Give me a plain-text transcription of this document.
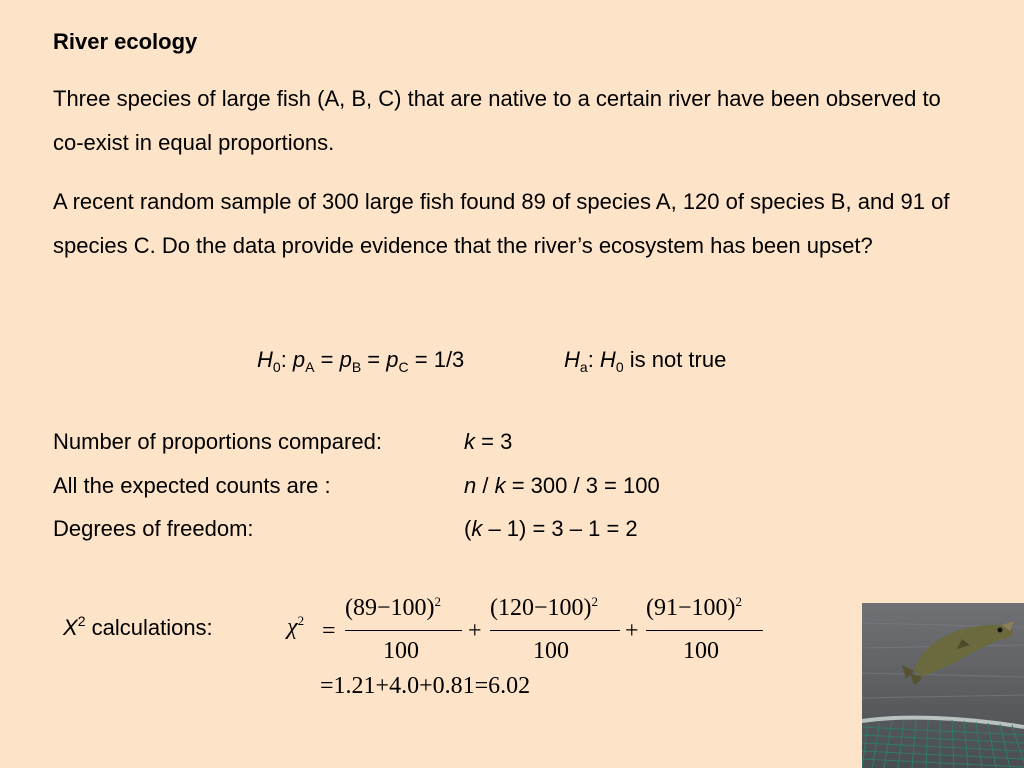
River ecology
Three species of large fish (A, B, C) that are native to a certain river have been observed to co-exist in equal proportions.
A recent random sample of 300 large fish found 89 of species A, 120 of species B, and 91 of species C. Do the data provide evidence that the river’s ecosystem has been upset?
$H_0$: $p_A = p_B = p_C = 1/3$	$H_a$: $H_0$ is not true
Number of proportions compared:	k = 3
All the expected counts are :	n / k = 300 / 3 = 100
Degrees of freedom:	(k – 1) = 3 – 1 = 2
$X^2$ calculations:	$\chi^2$ =
$(89-100)^2$
100
+
$(120-100)^2$
100
+
$(91-100)^2$
100
=1.21+4.0+0.81=6.02
